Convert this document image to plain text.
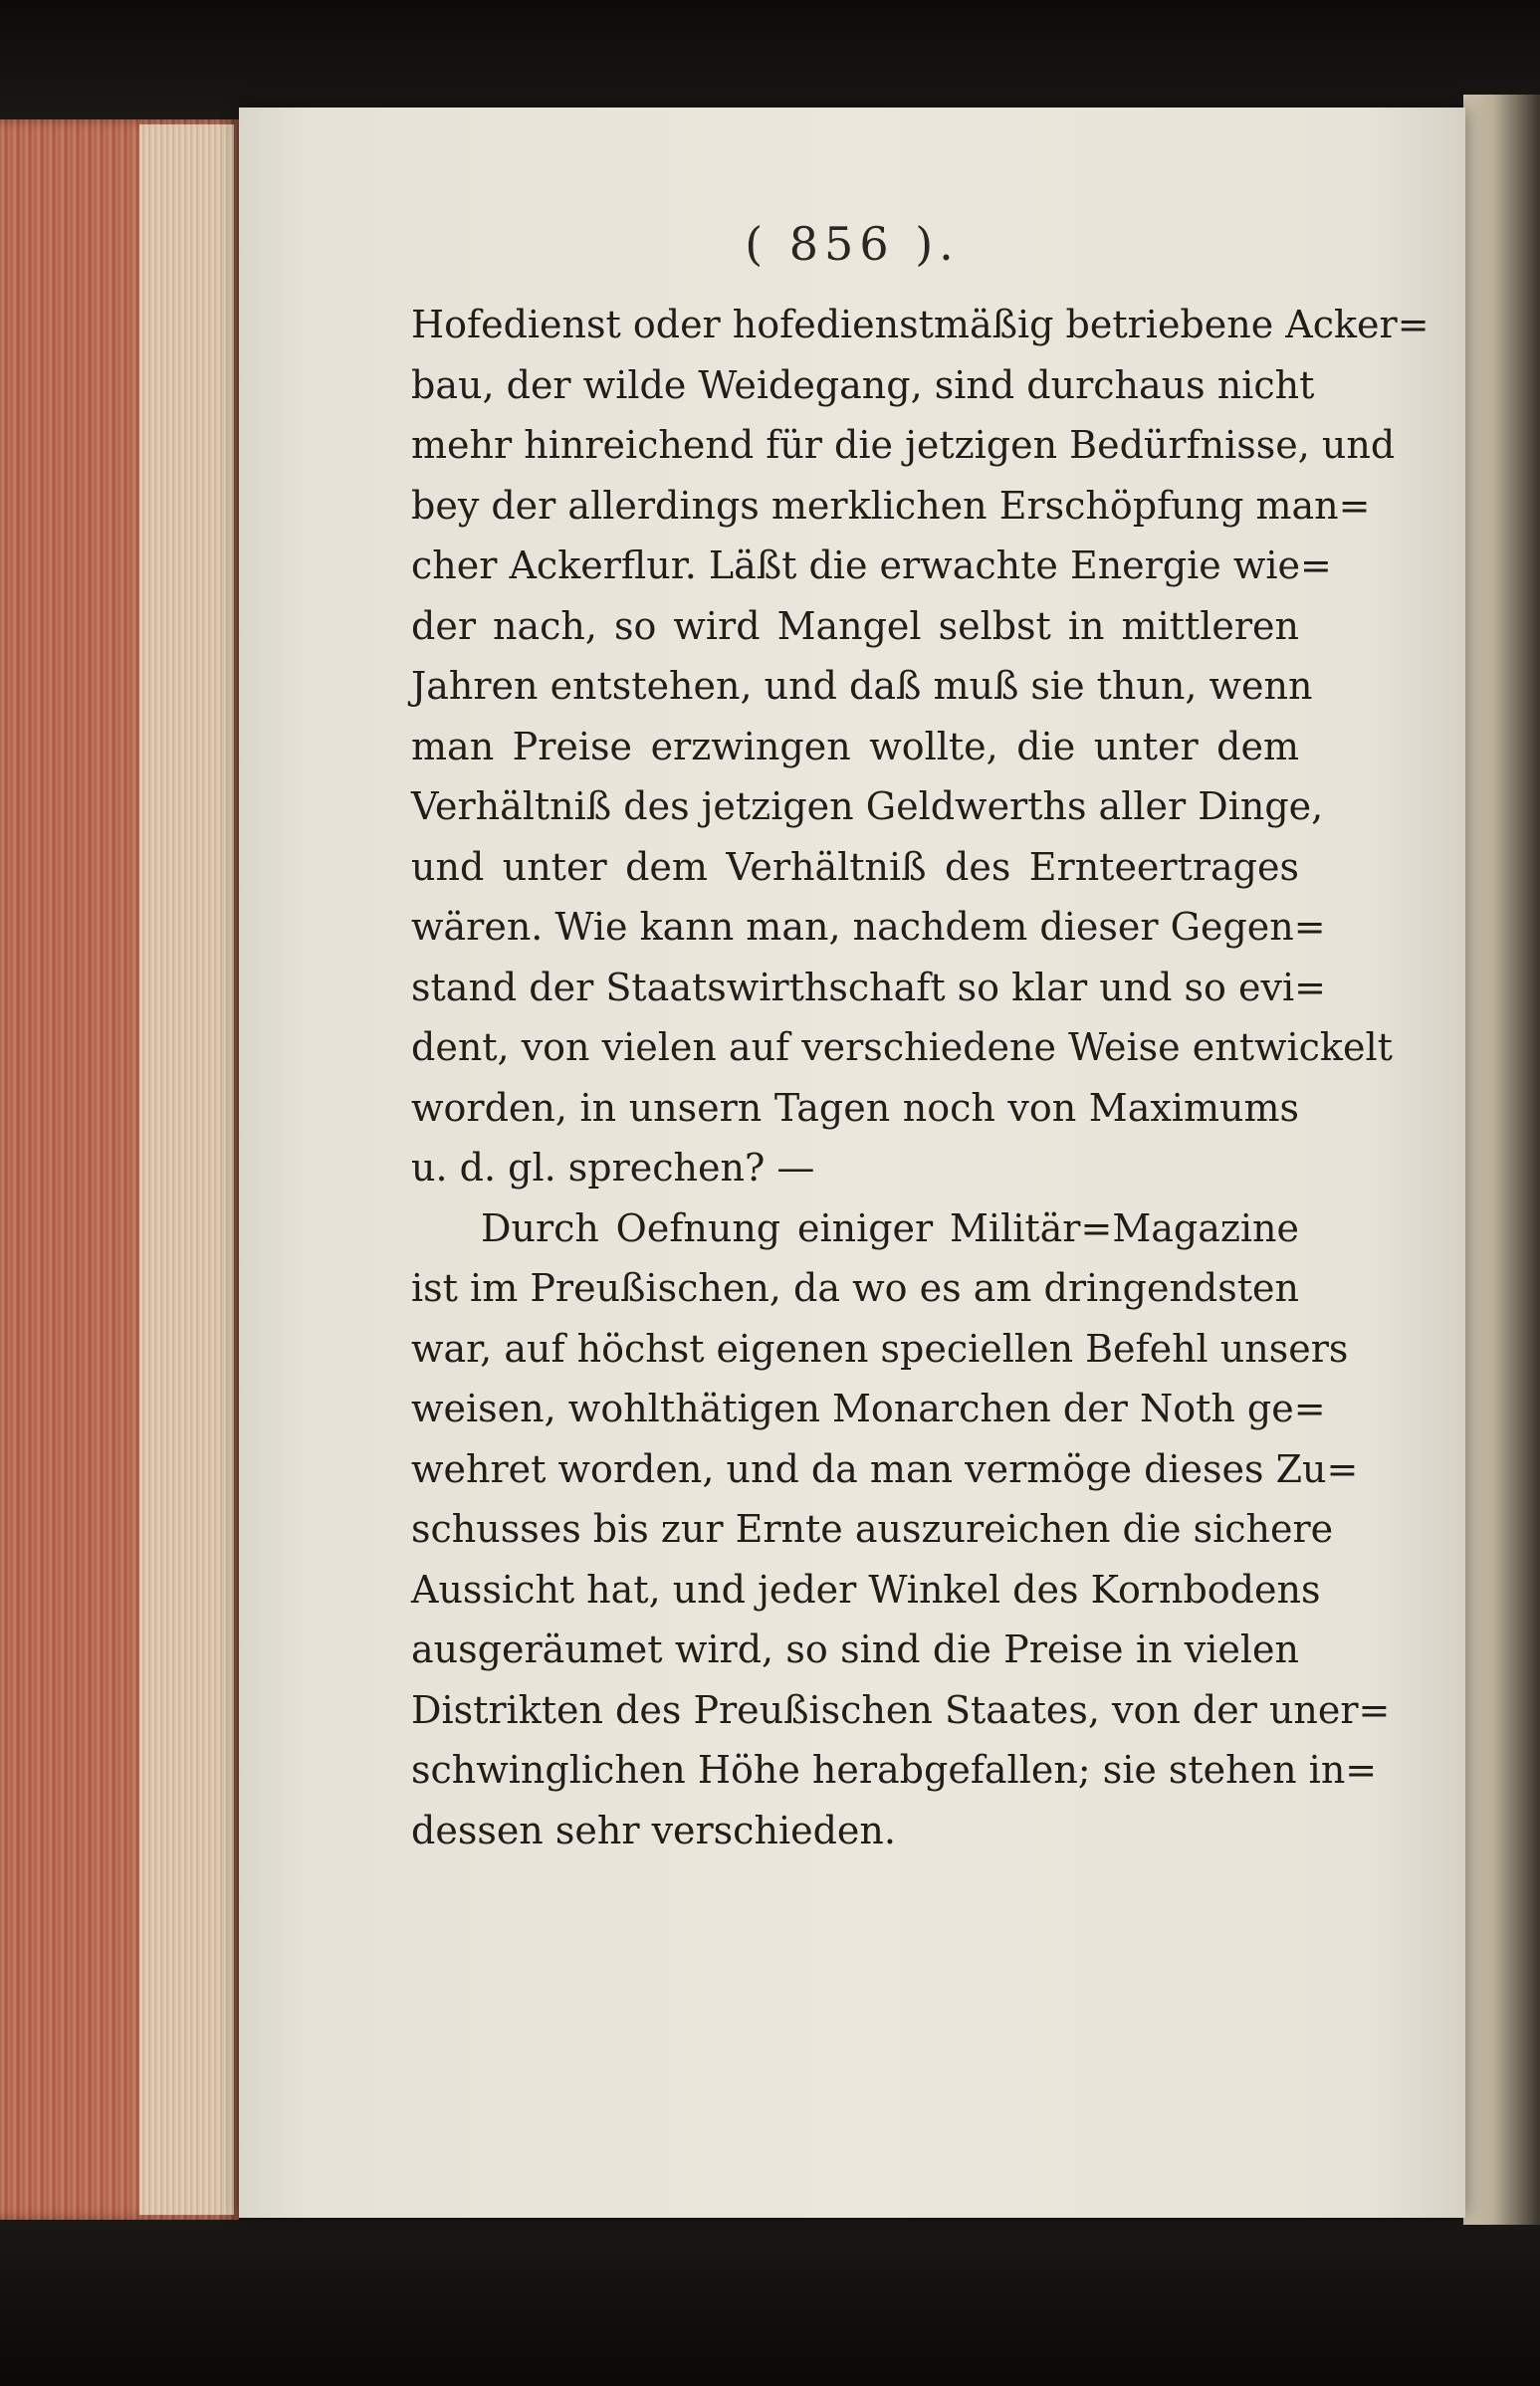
( 856 ).
Hofedienst oder hofedienstmäßig betriebene Acker=
bau, der wilde Weidegang, sind durchaus nicht
mehr hinreichend für die jetzigen Bedürfnisse, und
bey der allerdings merklichen Erschöpfung man=
cher Ackerflur. Läßt die erwachte Energie wie=
der nach, so wird Mangel selbst in mittleren
Jahren entstehen, und daß muß sie thun, wenn
man Preise erzwingen wollte, die unter dem
Verhältniß des jetzigen Geldwerths aller Dinge,
und unter dem Verhältniß des Ernteertrages
wären. Wie kann man, nachdem dieser Gegen=
stand der Staatswirthschaft so klar und so evi=
dent, von vielen auf verschiedene Weise entwickelt
worden, in unsern Tagen noch von Maximums
u. d. gl. sprechen? —
Durch Oefnung einiger Militär=Magazine
ist im Preußischen, da wo es am dringendsten
war, auf höchst eigenen speciellen Befehl unsers
weisen, wohlthätigen Monarchen der Noth ge=
wehret worden, und da man vermöge dieses Zu=
schusses bis zur Ernte auszureichen die sichere
Aussicht hat, und jeder Winkel des Kornbodens
ausgeräumet wird, so sind die Preise in vielen
Distrikten des Preußischen Staates, von der uner=
schwinglichen Höhe herabgefallen; sie stehen in=
dessen sehr verschieden.
